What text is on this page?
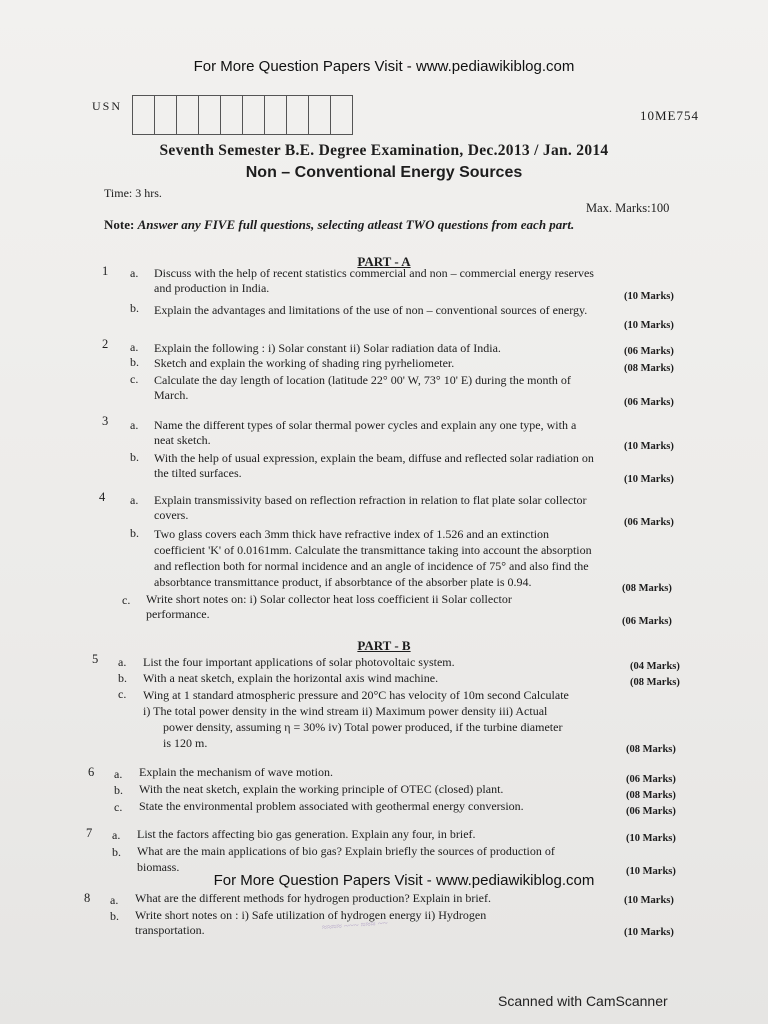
For More Question Papers Visit - www.pediawikiblog.com
USN
10ME754
Seventh Semester B.E. Degree Examination, Dec.2013 / Jan. 2014
Non – Conventional Energy Sources
Time: 3 hrs.
Max. Marks:100
Note: Answer any FIVE full questions, selecting atleast TWO questions from each part.
PART - A
1 a. Discuss with the help of recent statistics commercial and non – commercial energy reserves
and production in India.
(10 Marks)
b. Explain the advantages and limitations of the use of non – conventional sources of energy.
(10 Marks)
2 a. Explain the following : i) Solar constant ii) Solar radiation data of India.	(06 Marks)
b. Sketch and explain the working of shading ring pyrheliometer.	(08 Marks)
c. Calculate the day length of location (latitude 22° 00' W, 73° 10' E) during the month of
March.
(06 Marks)
3 a. Name the different types of solar thermal power cycles and explain any one type, with a
neat sketch.	(10 Marks)
b. With the help of usual expression, explain the beam, diffuse and reflected solar radiation on
the tilted surfaces.	(10 Marks)
4 a. Explain transmissivity based on reflection refraction in relation to flat plate solar collector
covers.
(06 Marks)
b. Two glass covers each 3mm thick have refractive index of 1.526 and an extinction
coefficient 'K' of 0.0161mm. Calculate the transmittance taking into account the absorption
and reflection both for normal incidence and an angle of incidence of 75° and also find the
absorbtance transmittance product, if absorbtance of the absorber plate is 0.94.	(08 Marks)
c. Write short notes on: i) Solar collector heat loss coefficient ii Solar collector
performance.
(06 Marks)
PART - B
5 a. List the four important applications of solar photovoltaic system.	(04 Marks)
b. With a neat sketch, explain the horizontal axis wind machine.	(08 Marks)
c. Wing at 1 standard atmospheric pressure and 20°C has velocity of 10m second Calculate
i) The total power density in the wind stream ii) Maximum power density iii) Actual
power density, assuming η = 30% iv) Total power produced, if the turbine diameter
is 120 m.	(08 Marks)
6 a. Explain the mechanism of wave motion.
(06 Marks)
b. With the neat sketch, explain the working principle of OTEC (closed) plant.	(08 Marks)
c. State the environmental problem associated with geothermal energy conversion.	(06 Marks)
7 a. List the factors affecting bio gas generation. Explain any four, in brief.	(10 Marks)
b. What are the main applications of bio gas? Explain briefly the sources of production of
biomass.	(10 Marks)
For More Question Papers Visit - www.pediawikiblog.com
8 a. What are the different methods for hydrogen production? Explain in brief.	(10 Marks)
b. Write short notes on : i) Safe utilization of hydrogen energy ii) Hydrogen
transportation.	(10 Marks)
≈≈≈≈ ~~~ ≈≈≈ ~~
Scanned with CamScanner
